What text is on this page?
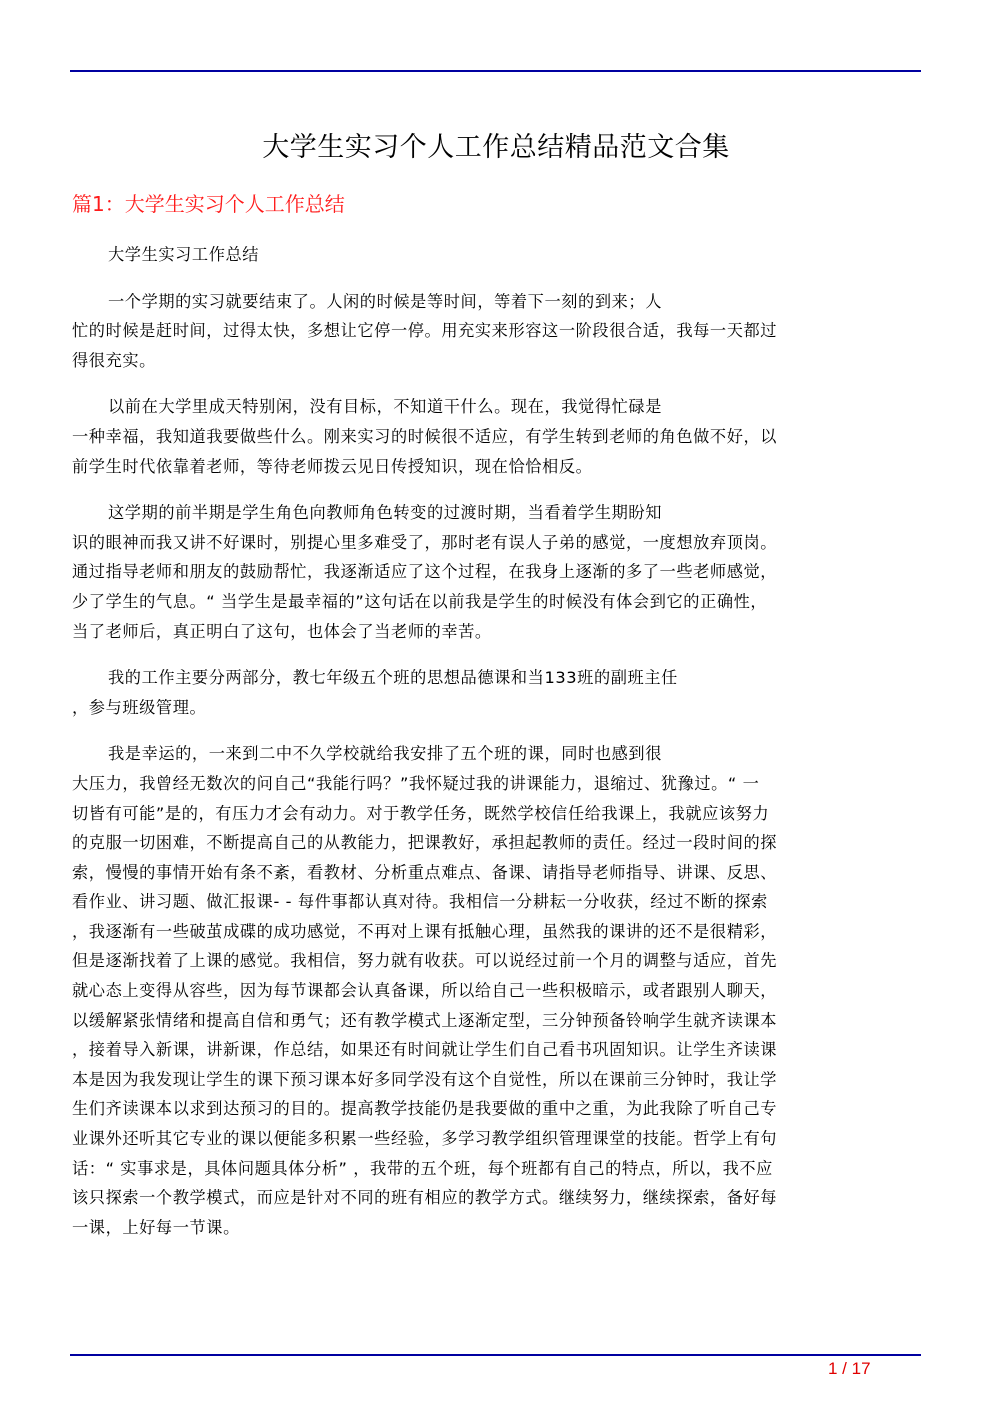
大学生实习个人工作总结精品范文合集
篇1：大学生实习个人工作总结

大学生实习工作总结

一个学期的实习就要结束了。人闲的时候是等时间，等着下一刻的到来；人
忙的时候是赶时间，过得太快，多想让它停一停。用充实来形容这一阶段很合适，我每一天都过
得很充实。

以前在大学里成天特别闲，没有目标，不知道干什么。现在，我觉得忙碌是
一种幸福，我知道我要做些什么。刚来实习的时候很不适应，有学生转到老师的角色做不好，以
前学生时代依靠着老师，等待老师拨云见日传授知识，现在恰恰相反。

这学期的前半期是学生角色向教师角色转变的过渡时期，当看着学生期盼知
识的眼神而我又讲不好课时，别提心里多难受了，那时老有误人子弟的感觉，一度想放弃顶岗。
通过指导老师和朋友的鼓励帮忙，我逐渐适应了这个过程，在我身上逐渐的多了一些老师感觉，
少了学生的气息。“ 当学生是最幸福的”这句话在以前我是学生的时候没有体会到它的正确性，
当了老师后，真正明白了这句，也体会了当老师的幸苦。

我的工作主要分两部分，教七年级五个班的思想品德课和当133班的副班主任
，参与班级管理。

我是幸运的，一来到二中不久学校就给我安排了五个班的课，同时也感到很
大压力，我曾经无数次的问自己“我能行吗？”我怀疑过我的讲课能力，退缩过、犹豫过。“ 一
切皆有可能”是的，有压力才会有动力。对于教学任务，既然学校信任给我课上，我就应该努力
的克服一切困难，不断提高自己的从教能力，把课教好，承担起教师的责任。经过一段时间的探
索，慢慢的事情开始有条不紊，看教材、分析重点难点、备课、请指导老师指导、讲课、反思、
看作业、讲习题、做汇报课- - 每件事都认真对待。我相信一分耕耘一分收获，经过不断的探索
，我逐渐有一些破茧成碟的成功感觉，不再对上课有抵触心理，虽然我的课讲的还不是很精彩，
但是逐渐找着了上课的感觉。我相信，努力就有收获。可以说经过前一个月的调整与适应，首先
就心态上变得从容些，因为每节课都会认真备课，所以给自己一些积极暗示，或者跟别人聊天，
以缓解紧张情绪和提高自信和勇气；还有教学模式上逐渐定型，三分钟预备铃响学生就齐读课本
，接着导入新课，讲新课，作总结，如果还有时间就让学生们自己看书巩固知识。让学生齐读课
本是因为我发现让学生的课下预习课本好多同学没有这个自觉性，所以在课前三分钟时，我让学
生们齐读课本以求到达预习的目的。提高教学技能仍是我要做的重中之重，为此我除了听自己专
业课外还听其它专业的课以便能多积累一些经验，多学习教学组织管理课堂的技能。哲学上有句
话：“ 实事求是，具体问题具体分析” ，我带的五个班，每个班都有自己的特点，所以，我不应
该只探索一个教学模式，而应是针对不同的班有相应的教学方式。继续努力，继续探索，备好每
一课，上好每一节课。

1 / 17
